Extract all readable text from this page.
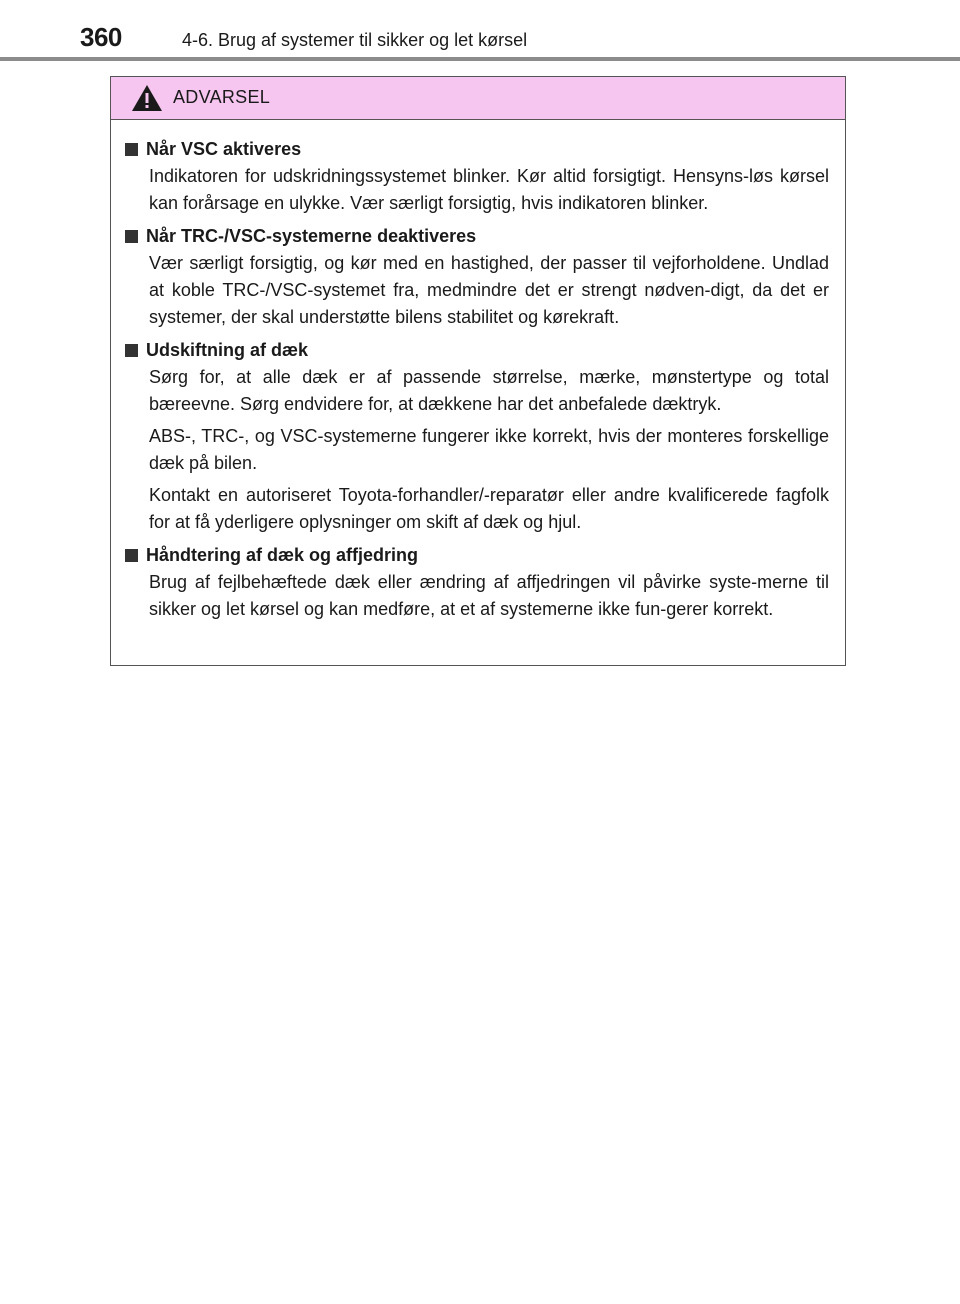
360	4-6. Brug af systemer til sikker og let kørsel
ADVARSEL
Når VSC aktiveres

Indikatoren for udskridningssystemet blinker. Kør altid forsigtigt. Hensyns-løs kørsel kan forårsage en ulykke. Vær særligt forsigtig, hvis indikatoren blinker.

Når TRC-/VSC-systemerne deaktiveres

Vær særligt forsigtig, og kør med en hastighed, der passer til vejforholdene. Undlad at koble TRC-/VSC-systemet fra, medmindre det er strengt nødven-digt, da det er systemer, der skal understøtte bilens stabilitet og kørekraft.

Udskiftning af dæk

Sørg for, at alle dæk er af passende størrelse, mærke, mønstertype og total bæreevne. Sørg endvidere for, at dækkene har det anbefalede dæktryk.

ABS-, TRC-, og VSC-systemerne fungerer ikke korrekt, hvis der monteres forskellige dæk på bilen.

Kontakt en autoriseret Toyota-forhandler/-reparatør eller andre kvalificerede fagfolk for at få yderligere oplysninger om skift af dæk og hjul.

Håndtering af dæk og affjedring

Brug af fejlbehæftede dæk eller ændring af affjedringen vil påvirke syste-merne til sikker og let kørsel og kan medføre, at et af systemerne ikke fun-gerer korrekt.
